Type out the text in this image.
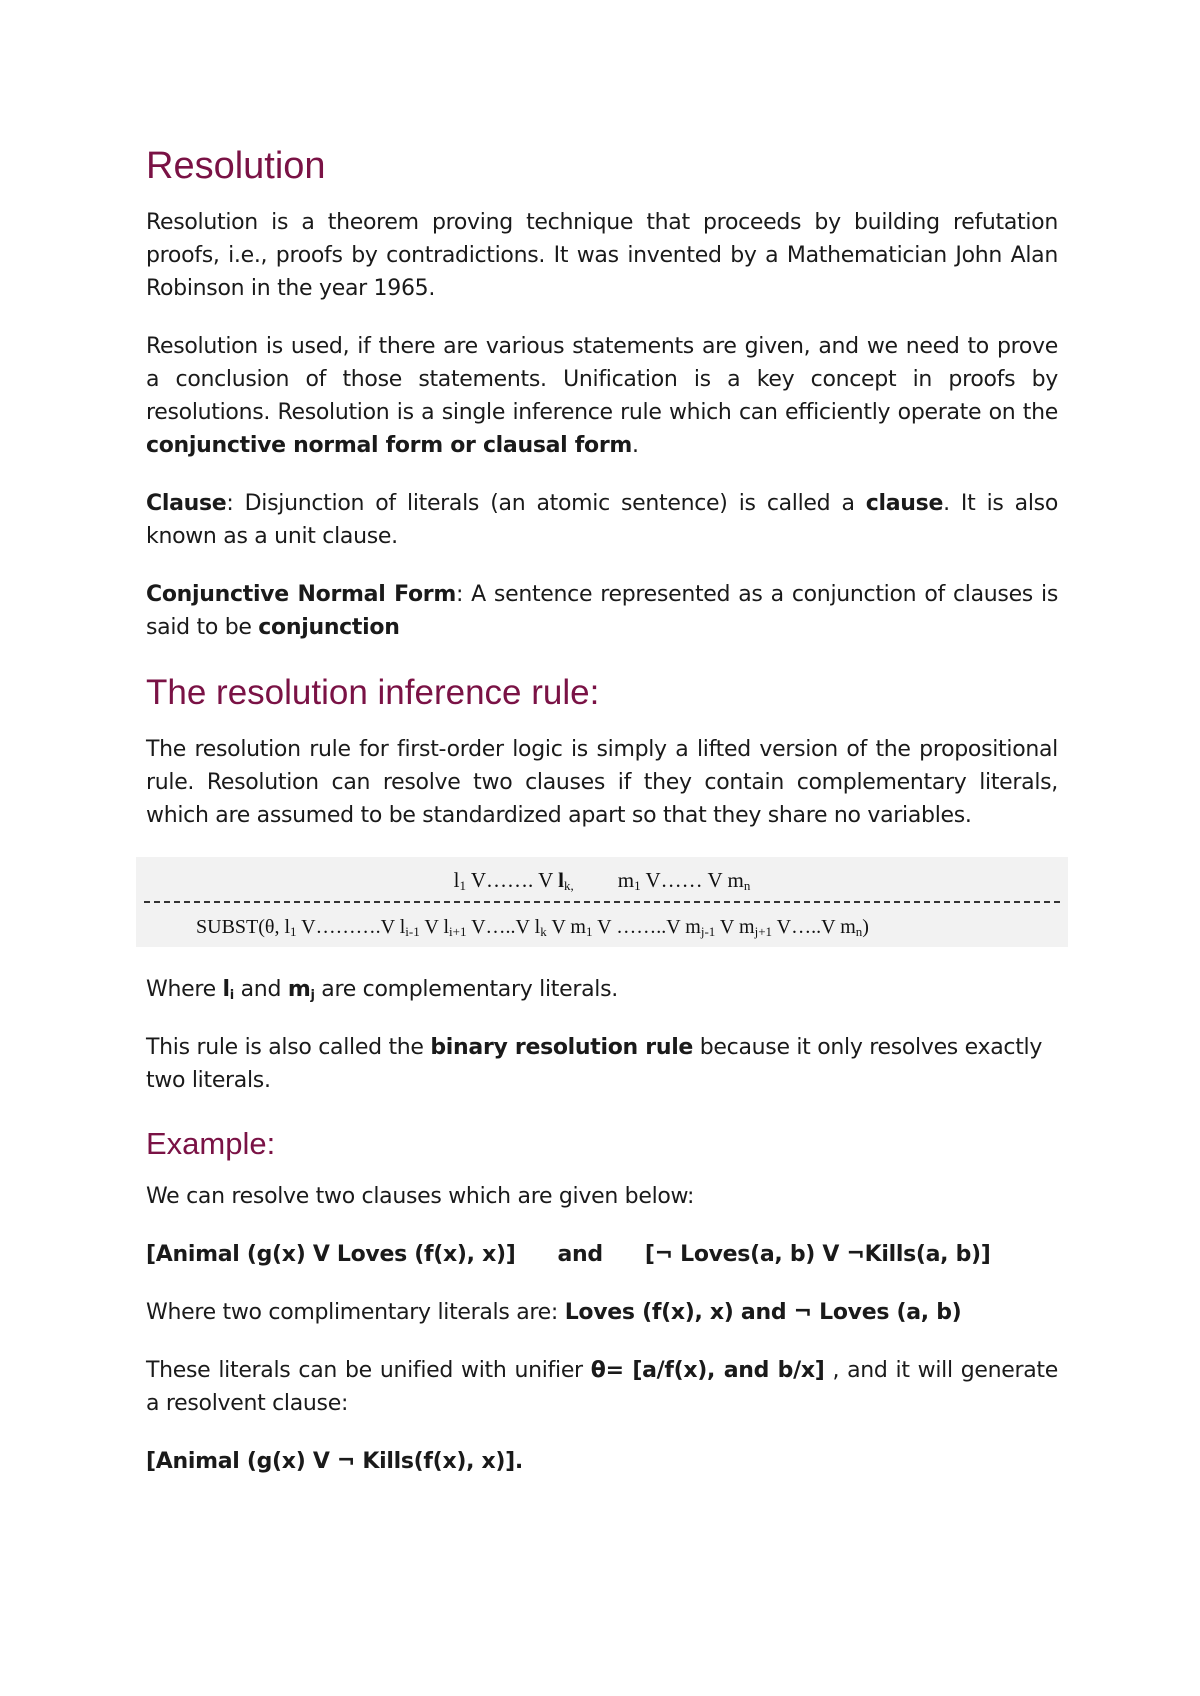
Resolution

Resolution is a theorem proving technique that proceeds by building refutation proofs, i.e., proofs by contradictions. It was invented by a Mathematician John Alan Robinson in the year 1965.

Resolution is used, if there are various statements are given, and we need to prove a conclusion of those statements. Unification is a key concept in proofs by resolutions. Resolution is a single inference rule which can efficiently operate on the conjunctive normal form or clausal form.

Clause: Disjunction of literals (an atomic sentence) is called a clause. It is also known as a unit clause.

Conjunctive Normal Form: A sentence represented as a conjunction of clauses is said to be conjunction

The resolution inference rule:

The resolution rule for first-order logic is simply a lifted version of the propositional rule. Resolution can resolve two clauses if they contain complementary literals, which are assumed to be standardized apart so that they share no variables.

$l_1$ V……. V $l_{k,}$ $m_1$ V…… V $m_n$
SUBST(θ, $l_1$ V……….V $l_{i-1}$ V $l_{i+1}$ V…..V $l_k$ V $m_1$ V ……..V $m_{j-1}$ V $m_{j+1}$ V…..V $m_n$)

Where $l_i$ and $m_j$ are complementary literals.

This rule is also called the binary resolution rule because it only resolves exactly two literals.

Example:

We can resolve two clauses which are given below:

[Animal (g(x) V Loves (f(x), x)] and [¬ Loves(a, b) V ¬Kills(a, b)]

Where two complimentary literals are: Loves (f(x), x) and ¬ Loves (a, b)

These literals can be unified with unifier θ= [a/f(x), and b/x] , and it will generate a resolvent clause:

[Animal (g(x) V ¬ Kills(f(x), x)].
